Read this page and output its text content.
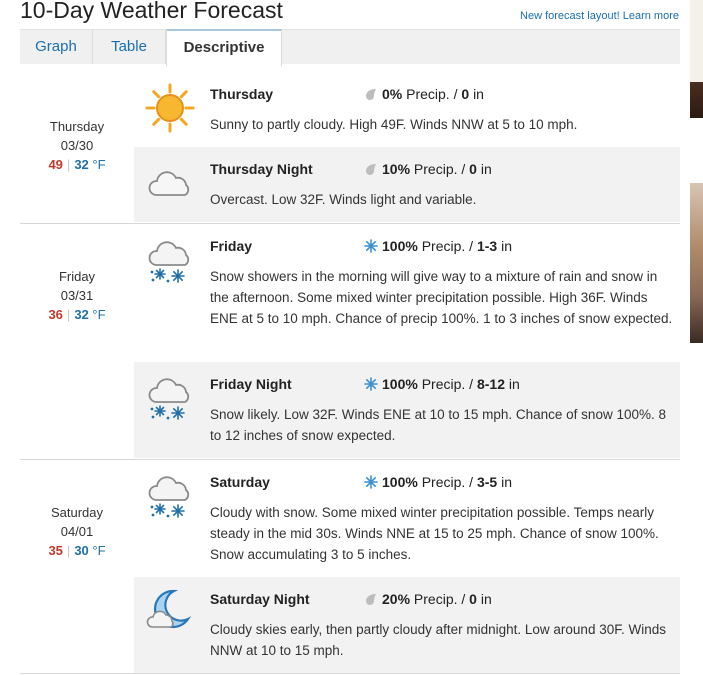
10-Day Weather Forecast	New forecast layout! Learn more
Graph	Table	Descriptive
Thursday
03/30
49 | 32 °F
Thursday	0% Precip. / 0 in
Sunny to partly cloudy. High 49F. Winds NNW at 5 to 10 mph.
Thursday Night	10% Precip. / 0 in
Overcast. Low 32F. Winds light and variable.
Friday
03/31
36 | 32 °F
Friday	100% Precip. / 1-3 in
Snow showers in the morning will give way to a mixture of rain and snow in the afternoon. Some mixed winter precipitation possible. High 36F. Winds ENE at 5 to 10 mph. Chance of precip 100%. 1 to 3 inches of snow expected.
Friday Night	100% Precip. / 8-12 in
Snow likely. Low 32F. Winds ENE at 10 to 15 mph. Chance of snow 100%. 8 to 12 inches of snow expected.
Saturday
04/01
35 | 30 °F
Saturday	100% Precip. / 3-5 in
Cloudy with snow. Some mixed winter precipitation possible. Temps nearly steady in the mid 30s. Winds NNE at 15 to 25 mph. Chance of snow 100%. Snow accumulating 3 to 5 inches.
Saturday Night	20% Precip. / 0 in
Cloudy skies early, then partly cloudy after midnight. Low around 30F. Winds NNW at 10 to 15 mph.
